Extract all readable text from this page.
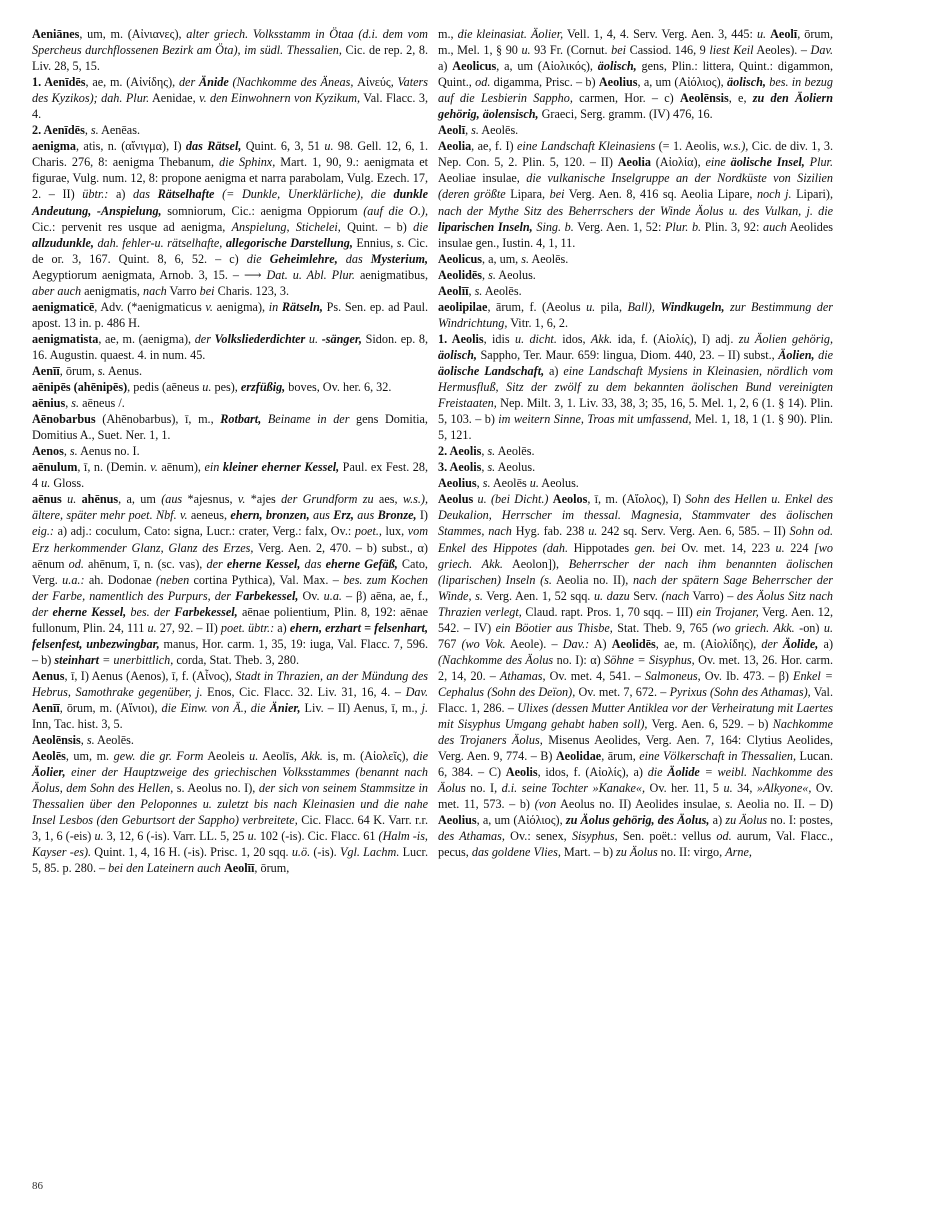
Aeniānes, um, m. (Αἰνιανες), alter griech. Volksstamm in Ötaa (d.i. dem vom Spercheus durchflossenen Bezirk am Öta), im südl. Thessalien, Cic. de rep. 2, 8. Liv. 28, 5, 15.

1. Aenīdēs, ae, m. (Αἰνίδης), der Änide (Nachkomme des Äneas, Αἰνεύς, Vaters des Kyzikos); dah. Plur. Aenidae, v. den Einwohnern von Kyzikum, Val. Flacc. 3, 4.

2. Aenīdēs, s. Aenēas.

aenigma, atis, n. (αἴνιγμα), I) das Rätsel, Quint. 6, 3, 51 u. 98. Gell. 12, 6, 1. Charis. 276, 8: aenigma Thebanum, die Sphinx, Mart. 1, 90, 9.: aenigmata et figurae, Vulg. num. 12, 8: propone aenigma et narra parabolam, Vulg. Ezech. 17, 2. – II) übtr.: a) das Rätselhafte (= Dunkle, Unerklärliche), die dunkle Andeutung, -Anspielung, somniorum, Cic.: aenigma Oppiorum (auf die O.), Cic.: pervenit res usque ad aenigma, Anspielung, Stichelei, Quint. – b) die allzudunkle, dah. fehler-u. rätselhafte, allegorische Darstellung, Ennius, s. Cic. de or. 3, 167. Quint. 8, 6, 52. – c) die Geheimlehre, das Mysterium, Aegyptiorum aenigmata, Arnob. 3, 15. – ⟶ Dat. u. Abl. Plur. aenigmatibus, aber auch aenigmatis, nach Varro bei Charis. 123, 3.

aenigmaticē, Adv. (*aenigmaticus v. aenigma), in Rätseln, Ps. Sen. ep. ad Paul. apost. 13 in. p. 486 H.

aenigmatista, ae, m. (aenigma), der Volksliederdichter u. -sänger, Sidon. ep. 8, 16. Augustin. quaest. 4. in num. 45.

Aenīī, ōrum, s. Aenus.

aēnipēs (ahēnipēs), pedis (aēneus u. pes), erzfüßig, boves, Ov. her. 6, 32.

aēnius, s. aēneus /.

Aēnobarbus (Ahēnobarbus), ī, m., Rotbart, Beiname in der gens Domitia, Domitius A., Suet. Ner. 1, 1.

Aenos, s. Aenus no. I.

aēnulum, ī, n. (Demin. v. aēnum), ein kleiner eherner Kessel, Paul. ex Fest. 28, 4 u. Gloss.

aēnus u. ahēnus, a, um (aus *ajesnus, v. *ajes der Grundform zu aes, w.s.), ältere, später mehr poet. Nbf. v. aeneus, ehern, bronzen, aus Erz, aus Bronze, I) eig.: a) adj.: coculum, Cato: signa, Lucr.: crater, Verg.: falx, Ov.: poet., lux, vom Erz herkommender Glanz, Glanz des Erzes, Verg. Aen. 2, 470. – b) subst., α) aēnum od. ahēnum, ī, n. (sc. vas), der eherne Kessel, das eherne Gefäß, Cato, Verg. u.a.: ah. Dodonae (neben cortina Pythica), Val. Max. – bes. zum Kochen der Farbe, namentlich des Purpurs, der Farbekessel, Ov. u.a. – β) aēna, ae, f., der eherne Kessel, bes. der Farbekessel, aēnae polientium, Plin. 8, 192: aēnae fullonum, Plin. 24, 111 u. 27, 92. – II) poet. übtr.: a) ehern, erzhart = felsenhart, felsenfest, unbezwingbar, manus, Hor. carm. 1, 35, 19: iuga, Val. Flacc. 7, 596. – b) steinhart = unerbittlich, corda, Stat. Theb. 3, 280.

Aenus, ī, I) Aenus (Aenos), ī, f. (Αἶνος), Stadt in Thrazien, an der Mündung des Hebrus, Samothrake gegenüber, j. Enos, Cic. Flacc. 32. Liv. 31, 16, 4. – Dav. Aenīī, ōrum, m. (Αἴνιοι), die Einw. von Ä., die Änier, Liv. – II) Aenus, ī, m., j. Inn, Tac. hist. 3, 5.

Aeolēnsis, s. Aeolēs.

Aeolēs, um, m. gew. die gr. Form Aeoleis u. Aeolīs, Akk. is, m. (Αἰολεῖς), die Äolier, einer der Hauptzweige des griechischen Volksstammes (benannt nach Äolus, dem Sohn des Hellen, s. Aeolus no. I), der sich von seinem Stammsitze in Thessalien über den Peloponnes u. zuletzt bis nach Kleinasien und die nahe Insel Lesbos (den Geburtsort der Sappho) verbreitete, Cic. Flacc. 64 K. Varr. r.r. 3, 1, 6 (-eis) u. 3, 12, 6 (-is). Varr. LL. 5, 25 u. 102 (-is). Cic. Flacc. 61 (Halm -is, Kayser -es). Quint. 1, 4, 16 H. (-is). Prisc. 1, 20 sqq. u.ö. (-is). Vgl. Lachm. Lucr. 5, 85. p. 280. – bei den Lateinern auch Aeolīī, ōrum,

m., die kleinasiat. Äolier, Vell. 1, 4, 4. Serv. Verg. Aen. 3, 445: u. Aeolī, ōrum, m., Mel. 1, § 90 u. 93 Fr. (Cornut. bei Cassiod. 146, 9 liest Keil Aeoles). – Dav. a) Aeolicus, a, um (Αἰολικός), äolisch, gens, Plin.: littera, Quint.: digammon, Quint., od. digamma, Prisc. – b) Aeolius, a, um (Αἰόλιος), äolisch, bes. in bezug auf die Lesbierin Sappho, carmen, Hor. – c) Aeolēnsis, e, zu den Äoliern gehörig, äolensisch, Graeci, Serg. gramm. (IV) 476, 16.

Aeolī, s. Aeolēs.

Aeolia, ae, f. I) eine Landschaft Kleinasiens (= 1. Aeolis, w.s.), Cic. de div. 1, 3. Nep. Con. 5, 2. Plin. 5, 120. – II) Aeolia (Αἰολία), eine äolische Insel, Plur. Aeoliae insulae, die vulkanische Inselgruppe an der Nordküste von Sizilien (deren größte Lipara, bei Verg. Aen. 8, 416 sq. Aeolia Lipare, noch j. Lipari), nach der Mythe Sitz des Beherrschers der Winde Äolus u. des Vulkan, j. die liparischen Inseln, Sing. b. Verg. Aen. 1, 52: Plur. b. Plin. 3, 92: auch Aeolides insulae gen., Iustin. 4, 1, 11.

Aeolicus, a, um, s. Aeolēs.

Aeolidēs, s. Aeolus.

Aeolīī, s. Aeolēs.

aeolipilae, ārum, f. (Aeolus u. pila, Ball), Windkugeln, zur Bestimmung der Windrichtung, Vitr. 1, 6, 2.

1. Aeolis, idis u. dicht. idos, Akk. ida, f. (Αἰολίς), I) adj. zu Äolien gehörig, äolisch, Sappho, Ter. Maur. 659: lingua, Diom. 440, 23. – II) subst., Äolien, die äolische Landschaft, a) eine Landschaft Mysiens in Kleinasien, nördlich vom Hermusfluß, Sitz der zwölf zu dem bekannten äolischen Bund vereinigten Freistaaten, Nep. Milt. 3, 1. Liv. 33, 38, 3; 35, 16, 5. Mel. 1, 2, 6 (1. § 14). Plin. 5, 103. – b) im weitern Sinne, Troas mit umfassend, Mel. 1, 18, 1 (1. § 90). Plin. 5, 121.

2. Aeolis, s. Aeolēs.

3. Aeolis, s. Aeolus.

Aeolius, s. Aeolēs u. Aeolus.

Aeolus u. (bei Dicht.) Aeolos, ī, m. (Αἴολος), I) Sohn des Hellen u. Enkel des Deukalion, Herrscher im thessal. Magnesia, Stammvater des äolischen Stammes, nach Hyg. fab. 238 u. 242 sq. Serv. Verg. Aen. 6, 585. – II) Sohn od. Enkel des Hippotes (dah. Hippotades gen. bei Ov. met. 14, 223 u. 224 [wo griech. Akk. Aeolon]), Beherrscher der nach ihm benannten äolischen (liparischen) Inseln (s. Aeolia no. II), nach der spätern Sage Beherrscher der Winde, s. Verg. Aen. 1, 52 sqq. u. dazu Serv. (nach Varro) – des Äolus Sitz nach Thrazien verlegt, Claud. rapt. Pros. 1, 70 sqq. – III) ein Trojaner, Verg. Aen. 12, 542. – IV) ein Böotier aus Thisbe, Stat. Theb. 9, 765 (wo griech. Akk. -on) u. 767 (wo Vok. Aeole). – Dav.: A) Aeolidēs, ae, m. (Αἰολίδης), der Äolide, a) (Nachkomme des Äolus no. I): α) Söhne = Sisyphus, Ov. met. 13, 26. Hor. carm. 2, 14, 20. – Athamas, Ov. met. 4, 541. – Salmoneus, Ov. Ib. 473. – β) Enkel = Cephalus (Sohn des Deïon), Ov. met. 7, 672. – Pyrixus (Sohn des Athamas), Val. Flacc. 1, 286. – Ulixes (dessen Mutter Antiklea vor der Verheiratung mit Laertes mit Sisyphus Umgang gehabt haben soll), Verg. Aen. 6, 529. – b) Nachkomme des Trojaners Äolus, Misenus Aeolides, Verg. Aen. 7, 164: Clytius Aeolides, Verg. Aen. 9, 774. – B) Aeolidae, ārum, eine Völkerschaft in Thessalien, Lucan. 6, 384. – C) Aeolis, idos, f. (Αἰολίς), a) die Äolide = weibl. Nachkomme des Äolus no. I, d.i. seine Tochter »Kanake«, Ov. her. 11, 5 u. 34, »Alkyone«, Ov. met. 11, 573. – b) (von Aeolus no. II) Aeolides insulae, s. Aeolia no. II. – D) Aeolius, a, um (Αἰόλιος), zu Äolus gehörig, des Äolus, a) zu Äolus no. I: postes, des Athamas, Ov.: senex, Sisyphus, Sen. poët.: vellus od. aurum, Val. Flacc., pecus, das goldene Vlies, Mart. – b) zu Äolus no. II: virgo, Arne,

86
